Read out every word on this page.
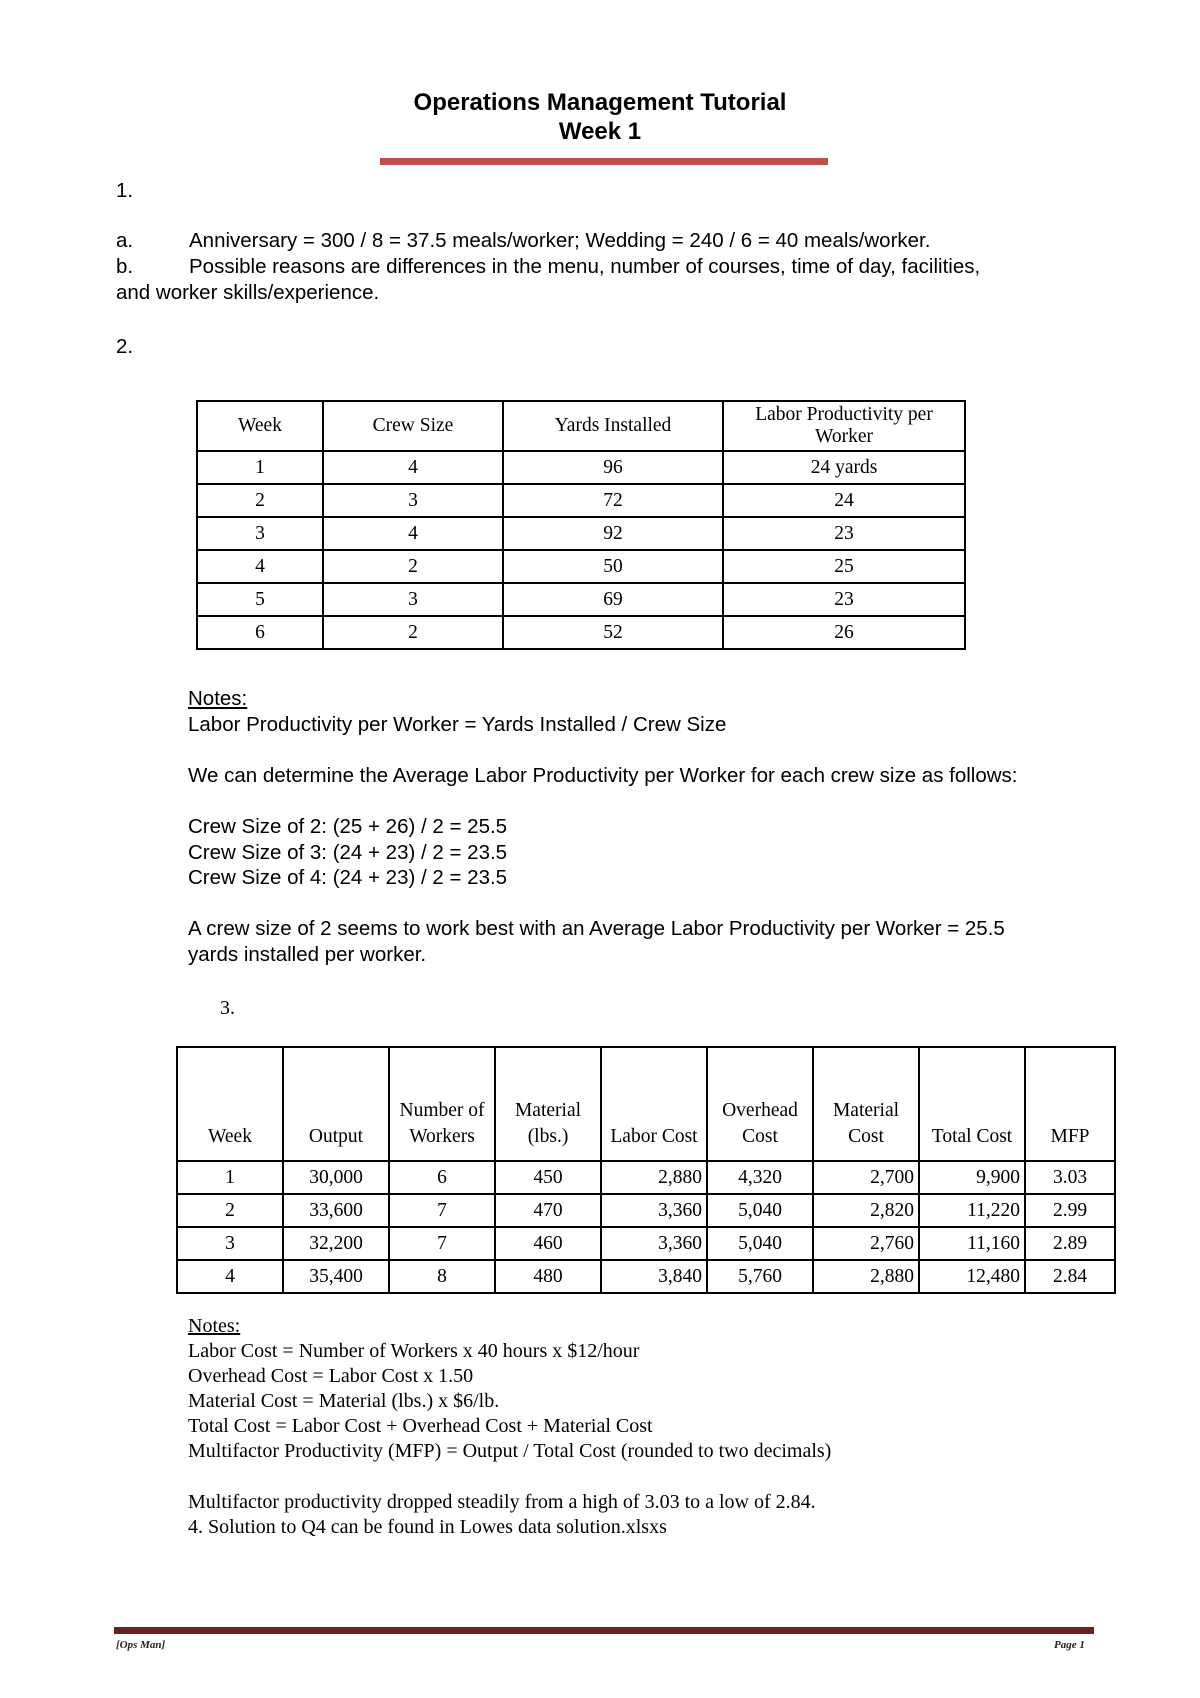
Operations Management Tutorial
Week 1
1.
a.	Anniversary = 300 / 8 = 37.5 meals/worker; Wedding = 240 / 6 = 40 meals/worker.
b.	Possible reasons are differences in the menu, number of courses, time of day, facilities,
and worker skills/experience.
2.
Week	Crew Size	Yards Installed	Labor Productivity per Worker
1	4	96	24 yards
2	3	72	24
3	4	92	23
4	2	50	25
5	3	69	23
6	2	52	26
Notes:
Labor Productivity per Worker = Yards Installed / Crew Size
We can determine the Average Labor Productivity per Worker for each crew size as follows:
Crew Size of 2: (25 + 26) / 2 = 25.5
Crew Size of 3: (24 + 23) / 2 = 23.5
Crew Size of 4: (24 + 23) / 2 = 23.5
A crew size of 2 seems to work best with an Average Labor Productivity per Worker = 25.5
yards installed per worker.
3.
Week	Output	Number of Workers	Material (lbs.)	Labor Cost	Overhead Cost	Material Cost	Total Cost	MFP
1	30,000	6	450	2,880	4,320	2,700	9,900	3.03
2	33,600	7	470	3,360	5,040	2,820	11,220	2.99
3	32,200	7	460	3,360	5,040	2,760	11,160	2.89
4	35,400	8	480	3,840	5,760	2,880	12,480	2.84
Notes:
Labor Cost = Number of Workers x 40 hours x $12/hour
Overhead Cost = Labor Cost x 1.50
Material Cost = Material (lbs.) x $6/lb.
Total Cost = Labor Cost + Overhead Cost + Material Cost
Multifactor Productivity (MFP) = Output / Total Cost (rounded to two decimals)
Multifactor productivity dropped steadily from a high of 3.03 to a low of 2.84.
4. Solution to Q4 can be found in Lowes data solution.xlsxs
[Ops Man]	Page 1
